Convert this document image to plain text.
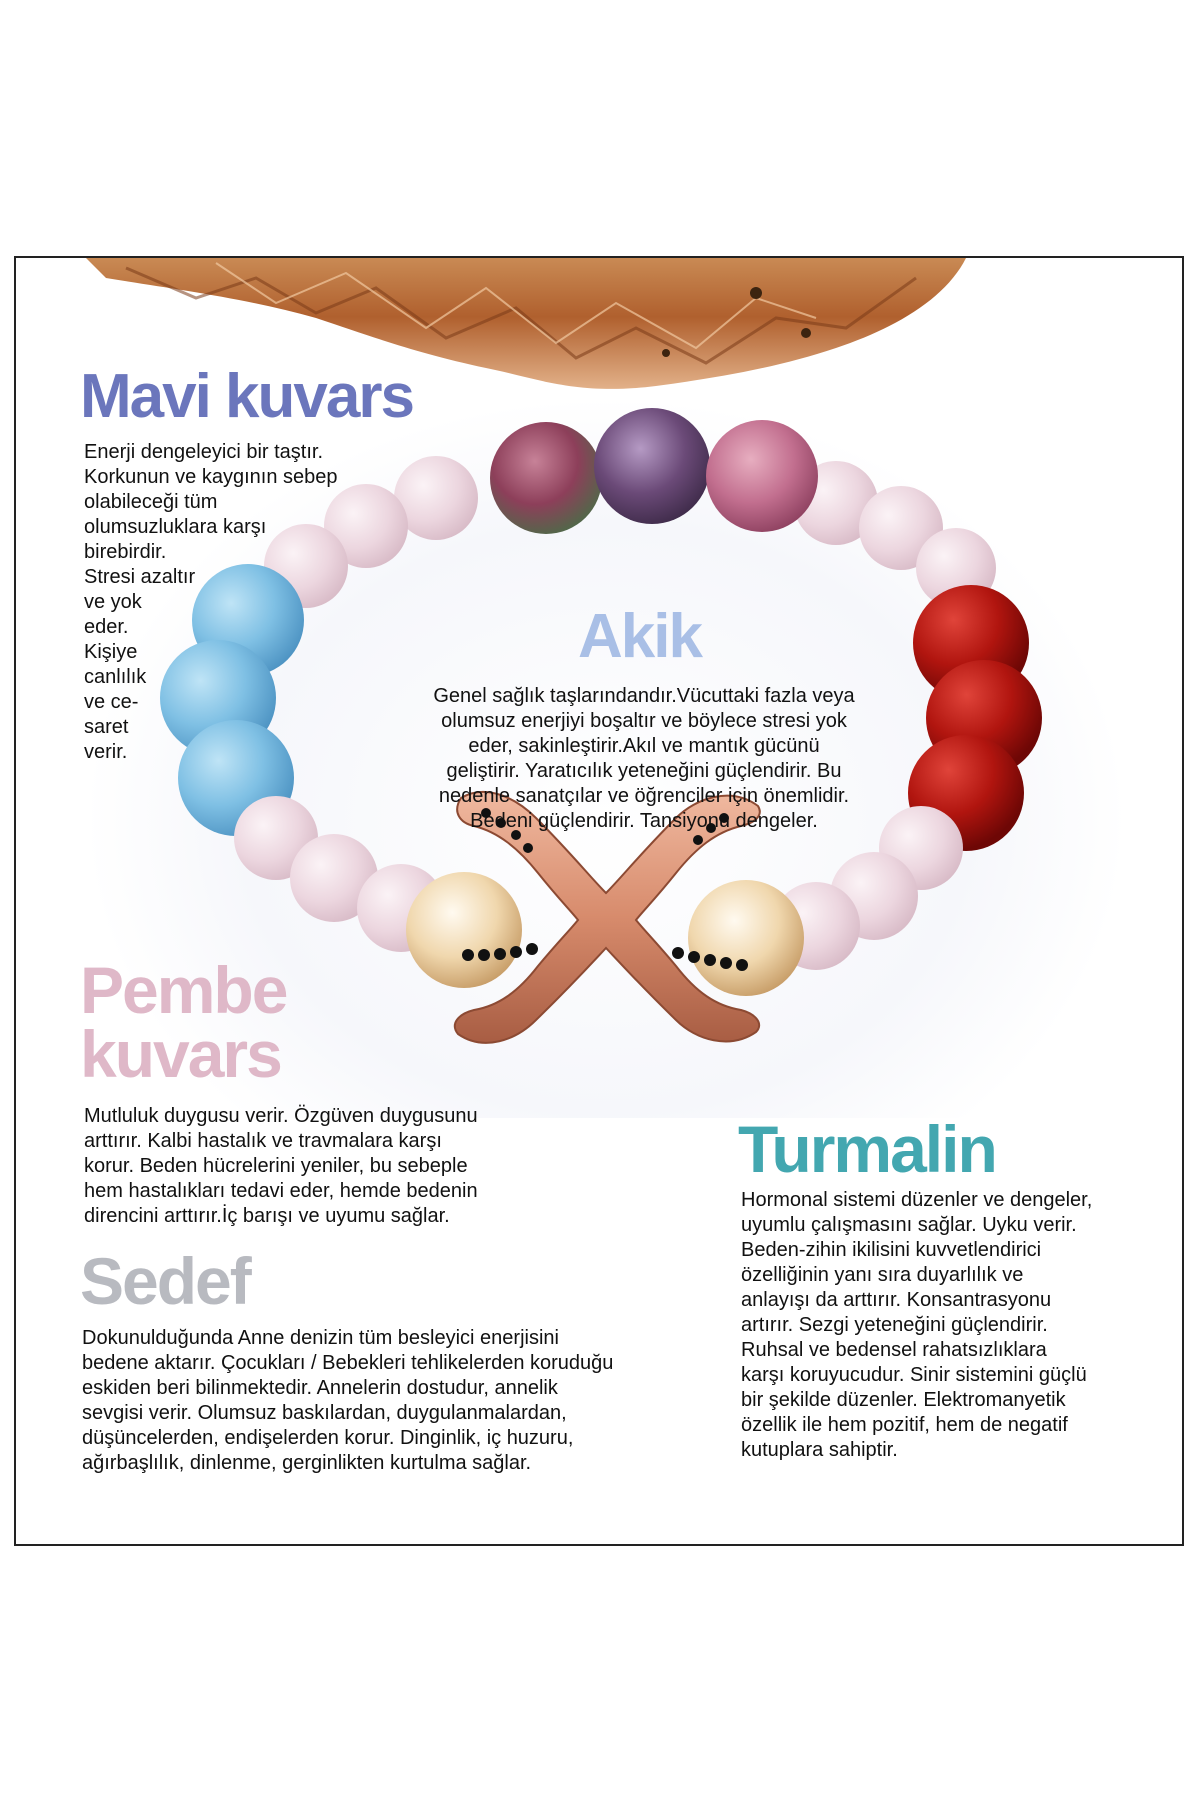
Mavi kuvars
Enerji dengeleyici bir taştır.
Korkunun ve kaygının sebep
olabileceği tüm
olumsuzluklara karşı
birebirdir.
Stresi azaltır
ve yok
eder.
Kişiye
canlılık
ve ce-
saret
verir.
Akik
Genel sağlık taşlarındandır.Vücuttaki fazla veya
olumsuz enerjiyi boşaltır ve böylece stresi yok
eder, sakinleştirir.Akıl ve mantık gücünü
geliştirir. Yaratıcılık yeteneğini güçlendirir. Bu
nedenle sanatçılar ve öğrenciler için önemlidir.
Bedeni güçlendirir. Tansiyonu dengeler.
Pembe
kuvars
Mutluluk duygusu verir. Özgüven duygusunu
arttırır. Kalbi hastalık ve travmalara karşı
korur. Beden hücrelerini yeniler, bu sebeple
hem hastalıkları tedavi eder, hemde bedenin
direncini arttırır.İç barışı ve uyumu sağlar.
Turmalin
Hormonal sistemi düzenler ve dengeler,
uyumlu çalışmasını sağlar. Uyku verir.
Beden-zihin ikilisini kuvvetlendirici
özelliğinin yanı sıra duyarlılık ve
anlayışı da arttırır. Konsantrasyonu
artırır. Sezgi yeteneğini güçlendirir.
Ruhsal ve bedensel rahatsızlıklara
karşı koruyucudur. Sinir sistemini güçlü
bir şekilde düzenler. Elektromanyetik
özellik ile hem pozitif, hem de negatif
kutuplara sahiptir.
Sedef
Dokunulduğunda Anne denizin tüm besleyici enerjisini
bedene aktarır. Çocukları / Bebekleri tehlikelerden koruduğu
eskiden beri bilinmektedir. Annelerin dostudur, annelik
sevgisi verir. Olumsuz baskılardan, duygulanmalardan,
düşüncelerden, endişelerden korur. Dinginlik, iç huzuru,
ağırbaşlılık, dinlenme, gerginlikten kurtulma sağlar.
